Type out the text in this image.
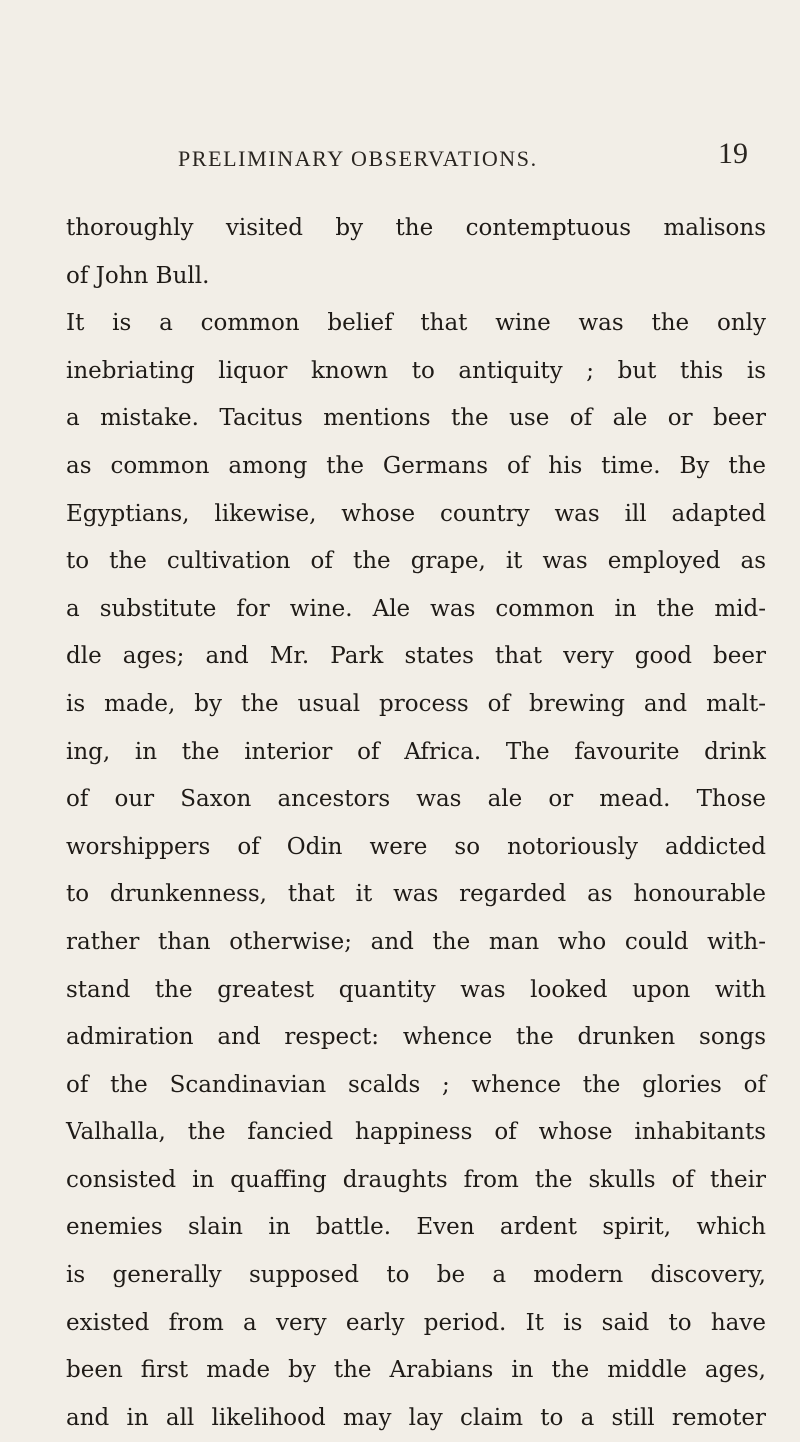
PRELIMINARY OBSERVATIONS.	19
thoroughly visited by the contemptuous malisons
of John Bull.
It is a common belief that wine was the only
inebriating liquor known to antiquity ; but this is
a mistake. Tacitus mentions the use of ale or beer
as common among the Germans of his time. By the
Egyptians, likewise, whose country was ill adapted
to the cultivation of the grape, it was employed as
a substitute for wine. Ale was common in the mid-
dle ages; and Mr. Park states that very good beer
is made, by the usual process of brewing and malt-
ing, in the interior of Africa. The favourite drink
of our Saxon ancestors was ale or mead. Those
worshippers of Odin were so notoriously addicted
to drunkenness, that it was regarded as honourable
rather than otherwise; and the man who could with-
stand the greatest quantity was looked upon with
admiration and respect: whence the drunken songs
of the Scandinavian scalds ; whence the glories of
Valhalla, the fancied happiness of whose inhabitants
consisted in quaffing draughts from the skulls of their
enemies slain in battle. Even ardent spirit, which
is generally supposed to be a modern discovery,
existed from a very early period. It is said to have
been first made by the Arabians in the middle ages,
and in all likelihood may lay claim to a still remoter
